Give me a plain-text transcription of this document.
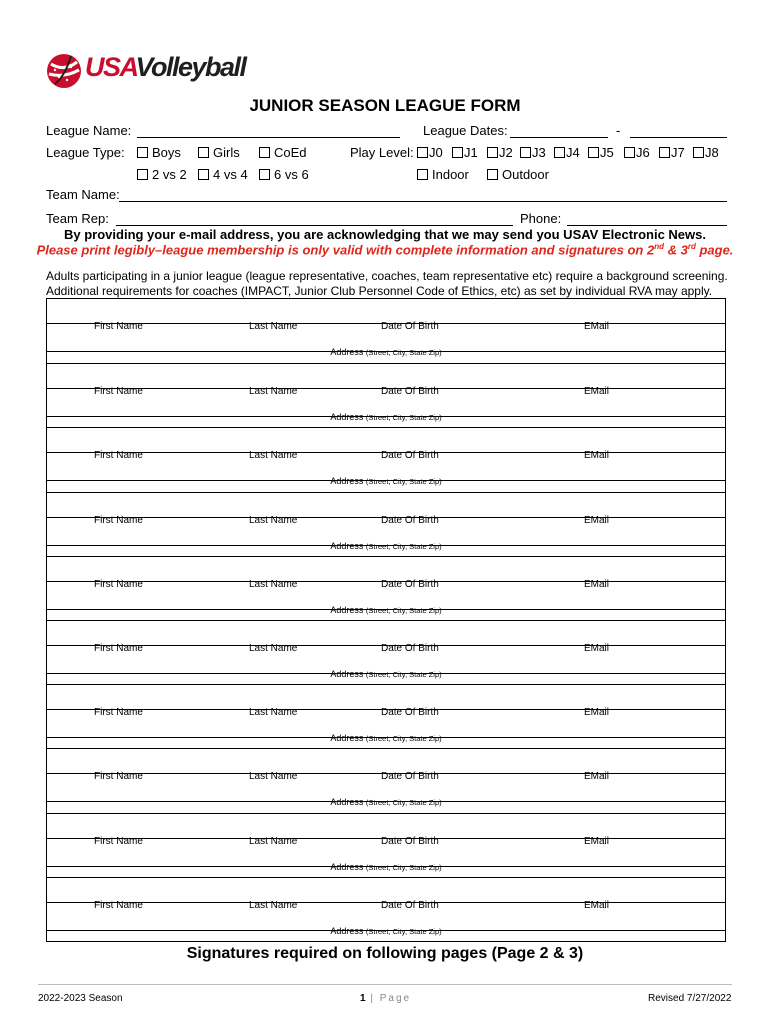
USAVolleyball
JUNIOR SEASON LEAGUE FORM
League Name:	League Dates:	-
League Type:	Boys	Girls	CoEd
2 vs 2	4 vs 4	6 vs 6
Play Level:	J0	J1	J2	J3	J4	J5	J6	J7	J8
Indoor	Outdoor
Team Name:
Team Rep:	Phone:
By providing your e-mail address, you are acknowledging that we may send you USAV Electronic News.
Please print legibly–league membership is only valid with complete information and signatures on 2nd & 3rd page.
Adults participating in a junior league (league representative, coaches, team representative etc) require a background screening.
Additional requirements for coaches (IMPACT, Junior Club Personnel Code of Ethics, etc) as set by individual RVA may apply.
First Name	Last Name	Date Of Birth	EMail
Address (Street, City, State Zip)
First Name	Last Name	Date Of Birth	EMail
Address (Street, City, State Zip)
First Name	Last Name	Date Of Birth	EMail
Address (Street, City, State Zip)
First Name	Last Name	Date Of Birth	EMail
Address (Street, City, State Zip)
First Name	Last Name	Date Of Birth	EMail
Address (Street, City, State Zip)
First Name	Last Name	Date Of Birth	EMail
Address (Street, City, State Zip)
First Name	Last Name	Date Of Birth	EMail
Address (Street, City, State Zip)
First Name	Last Name	Date Of Birth	EMail
Address (Street, City, State Zip)
First Name	Last Name	Date Of Birth	EMail
Address (Street, City, State Zip)
First Name	Last Name	Date Of Birth	EMail
Address (Street, City, State Zip)
Signatures required on following pages (Page 2 & 3)
2022-2023 Season	1 | Page	Revised 7/27/2022
